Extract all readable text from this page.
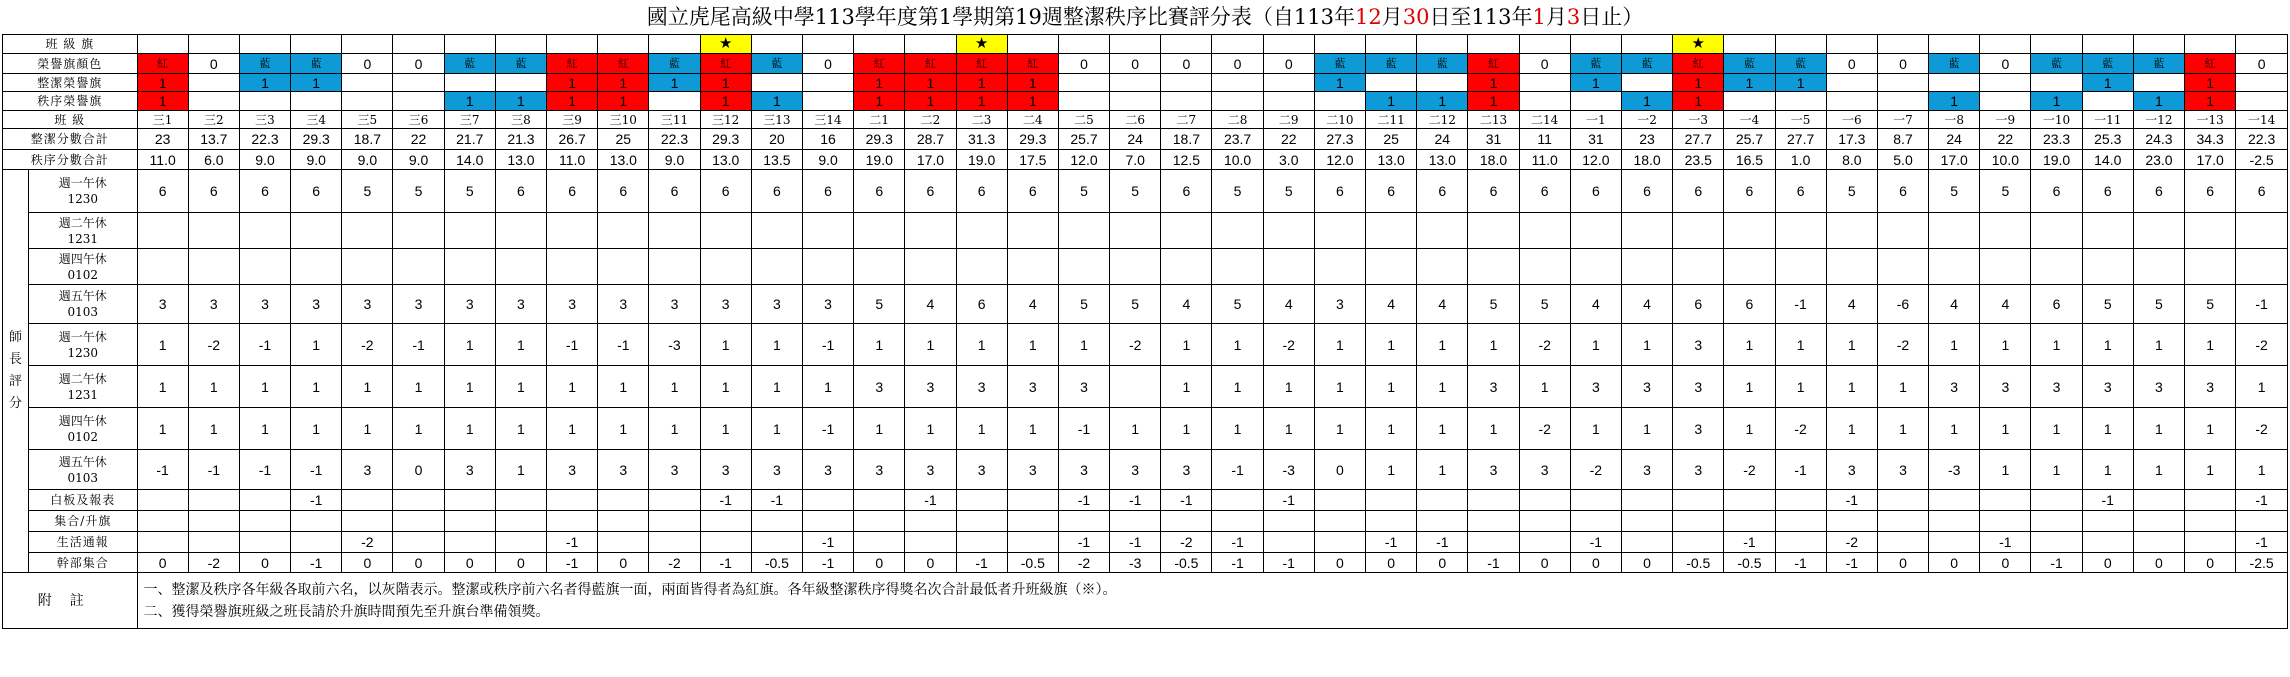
國立虎尾高級中學113學年度第1學期第19週整潔秩序比賽評分表（自113年12月30日至113年1月3日止）
班 級 旗													★					★														★											
榮譽旗顏色		紅	0	藍	藍	0	0	藍	藍	紅	紅	藍	紅	藍	0	紅	紅	紅	紅	0	0	0	0	0	藍	藍	藍	紅	0	藍	藍	紅	藍	藍	0	0	藍	0	藍	藍	藍	紅	0
整潔榮譽旗		1		1	1					1	1	1	1			1	1	1	1						1			1		1		1	1	1						1		1	
秩序榮譽旗		1						1	1	1	1		1	1		1	1	1	1							1	1	1			1	1					1		1		1	1	
班 級		三1	三2	三3	三4	三5	三6	三7	三8	三9	三10	三11	三12	三13	三14	二1	二2	二3	二4	二5	二6	二7	二8	二9	二10	二11	二12	二13	二14	一1	一2	一3	一4	一5	一6	一7	一8	一9	一10	一11	一12	一13	一14
整潔分數合計		23	13.7	22.3	29.3	18.7	22	21.7	21.3	26.7	25	22.3	29.3	20	16	29.3	28.7	31.3	29.3	25.7	24	18.7	23.7	22	27.3	25	24	31	11	31	23	27.7	25.7	27.7	17.3	8.7	24	22	23.3	25.3	24.3	34.3	22.3
秩序分數合計		11.0	6.0	9.0	9.0	9.0	9.0	14.0	13.0	11.0	13.0	9.0	13.0	13.5	9.0	19.0	17.0	19.0	17.5	12.0	7.0	12.5	10.0	3.0	12.0	13.0	13.0	18.0	11.0	12.0	18.0	23.5	16.5	1.0	8.0	5.0	17.0	10.0	19.0	14.0	23.0	17.0	-2.5
師長評分	週一午休
1230	6	6	6	6	5	5	5	6	6	6	6	6	6	6	6	6	6	6	5	5	6	5	5	6	6	6	6	6	6	6	6	6	6	5	6	5	5	6	6	6	6	6
	週二午休
1231																																										
	週四午休
0102																																										
	週五午休
0103	3	3	3	3	3	3	3	3	3	3	3	3	3	3	5	4	6	4	5	5	4	5	4	3	4	4	5	5	4	4	6	6	-1	4	-6	4	4	6	5	5	5	-1
	週一午休
1230	1	-2	-1	1	-2	-1	1	1	-1	-1	-3	1	1	-1	1	1	1	1	1	-2	1	1	-2	1	1	1	1	-2	1	1	3	1	1	1	-2	1	1	1	1	1	1	-2
	週二午休
1231	1	1	1	1	1	1	1	1	1	1	1	1	1	1	3	3	3	3	3		1	1	1	1	1	1	3	1	3	3	3	1	1	1	1	3	3	3	3	3	3	1
	週四午休
0102	1	1	1	1	1	1	1	1	1	1	1	1	1	-1	1	1	1	1	-1	1	1	1	1	1	1	1	1	-2	1	1	3	1	-2	1	1	1	1	1	1	1	1	-2
	週五午休
0103	-1	-1	-1	-1	3	0	3	1	3	3	3	3	3	3	3	3	3	3	3	3	3	-1	-3	0	1	1	3	3	-2	3	3	-2	-1	3	3	-3	1	1	1	1	1	1
	白板及報表				-1								-1	-1			-1			-1	-1	-1		-1											-1					-1			-1
	集合/升旗																																										
	生活通報					-2				-1					-1					-1	-1	-2	-1			-1	-1			-1			-1		-2			-1					-1
	幹部集合	0	-2	0	-1	0	0	0	0	-1	0	-2	-1	-0.5	-1	0	0	-1	-0.5	-2	-3	-0.5	-1	-1	0	0	0	-1	0	0	0	-0.5	-0.5	-1	-1	0	0	0	-1	0	0	0	-2.5
附註		一、整潔及秩序各年級各取前六名，以灰階表示。整潔或秩序前六名者得藍旗一面，兩面皆得者為紅旗。各年級整潔秩序得獎名次合計最低者升班級旗（※）。
二、獲得榮譽旗班級之班長請於升旗時間預先至升旗台準備領獎。																																									
